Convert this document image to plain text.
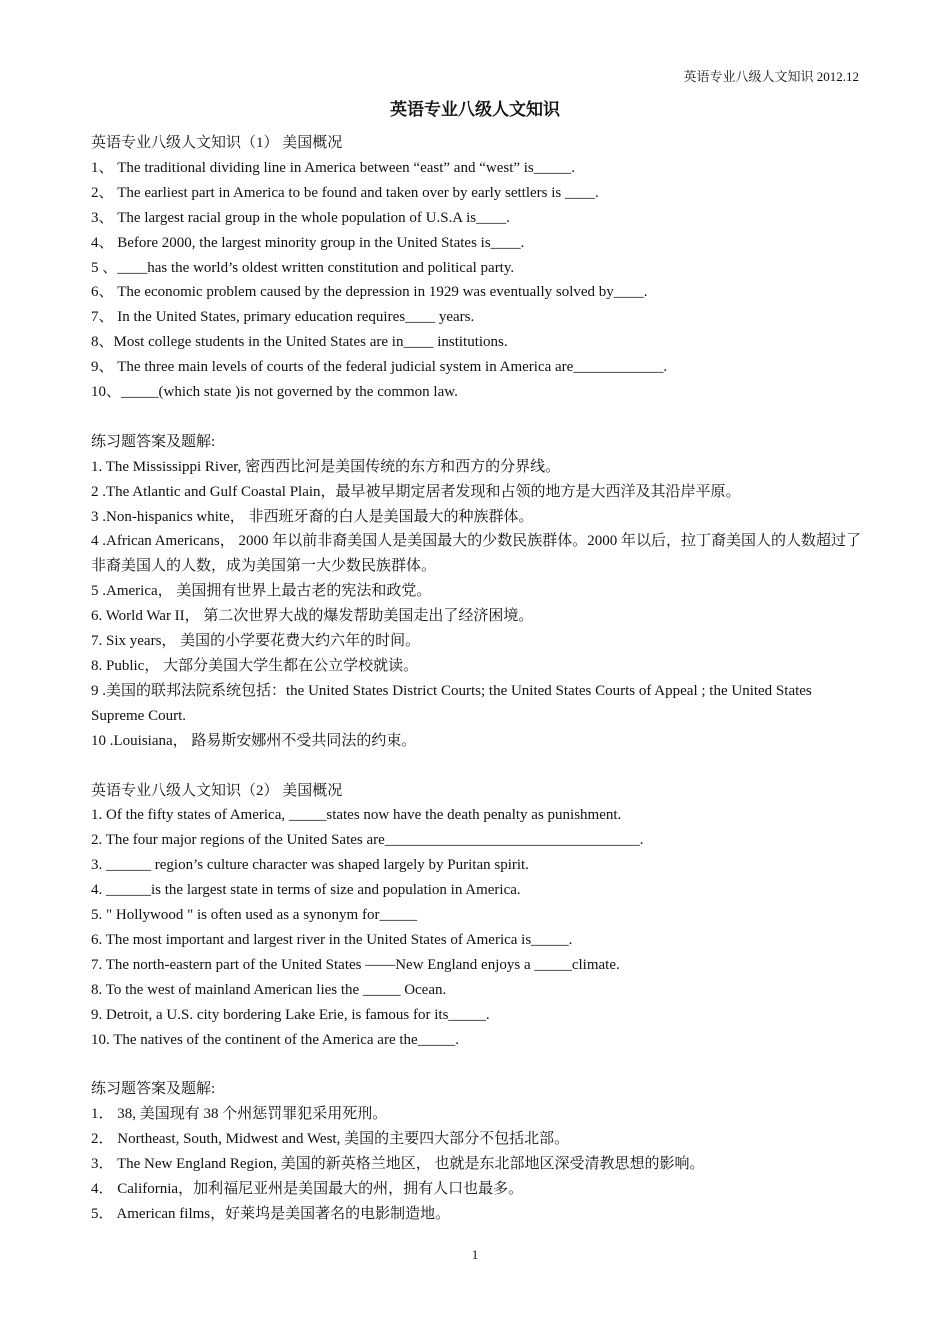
英语专业八级人文知识 2012.12
英语专业八级人文知识
英语专业八级人文知识（1） 美国概况
1、 The traditional dividing line in America between “east” and “west” is_____.
2、 The earliest part in America to be found and taken over by early settlers is ____.
3、 The largest racial group in the whole population of U.S.A is____.
4、 Before 2000, the largest minority group in the United States is____.
5 、____has the world’s oldest written constitution and political party.
6、 The economic problem caused by the depression in 1929 was eventually solved by____.
7、 In the United States, primary education requires____ years.
8、Most college students in the United States are in____ institutions.
9、 The three main levels of courts of the federal judicial system in America are____________.
10、_____(which state )is not governed by the common law.
练习题答案及题解:
1. The Mississippi River, 密西西比河是美国传统的东方和西方的分界线。
2 .The Atlantic and Gulf Coastal Plain，最早被早期定居者发现和占领的地方是大西洋及其沿岸平原。
3 .Non-hispanics white， 非西班牙裔的白人是美国最大的种族群体。
4 .African Americans， 2000 年以前非裔美国人是美国最大的少数民族群体。2000 年以后，拉丁裔美国人的人数超过了非裔美国人的人数，成为美国第一大少数民族群体。
5 .America， 美国拥有世界上最古老的宪法和政党。
6. World War II， 第二次世界大战的爆发帮助美国走出了经济困境。
7. Six years， 美国的小学要花费大约六年的时间。
8. Public， 大部分美国大学生都在公立学校就读。
9 .美国的联邦法院系统包括：the United States District Courts; the United States Courts of Appeal ; the United States Supreme Court.
10 .Louisiana， 路易斯安娜州不受共同法的约束。
英语专业八级人文知识（2） 美国概况
1. Of the fifty states of America, _____states now have the death penalty as punishment.
2. The four major regions of the United Sates are__________________________________.
3. ______ region’s culture character was shaped largely by Puritan spirit.
4. ______is the largest state in terms of size and population in America.
5. " Hollywood " is often used as a synonym for_____
6. The most important and largest river in the United States of America is_____.
7. The north-eastern part of the United States ——New England enjoys a _____climate.
8. To the west of mainland American lies the _____ Ocean.
9. Detroit, a U.S. city bordering Lake Erie, is famous for its_____.
10. The natives of the continent of the America are the_____.
练习题答案及题解:
1． 38, 美国现有 38 个州惩罚罪犯采用死刑。
2． Northeast, South, Midwest and West, 美国的主要四大部分不包括北部。
3． The New England Region, 美国的新英格兰地区， 也就是东北部地区深受清教思想的影响。
4． California，加利福尼亚州是美国最大的州，拥有人口也最多。
5． American films，好莱坞是美国著名的电影制造地。
1
